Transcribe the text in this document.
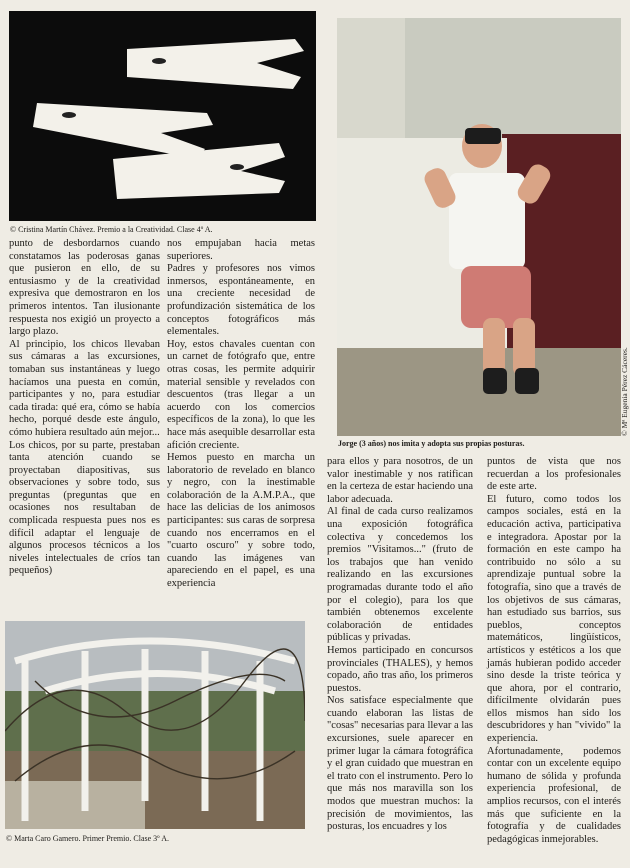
© Cristina Martín Chávez. Premio a la Creatividad. Clase 4º A.
© Mª Eugenia Pérez Cáceres.
Jorge (3 años) nos imita y adopta sus propias posturas.
© Marta Caro Gamero. Primer Premio. Clase 3º A.

punto de desbordarnos cuando constatamos las poderosas ganas que pusieron en ello, de su entusiasmo y de la creatividad expresiva que demostraron en los primeros intentos. Tan ilusionante respuesta nos exigió un proyecto a largo plazo.

Al principio, los chicos llevaban sus cámaras a las excursiones, tomaban sus instantáneas y luego hacíamos una puesta en común, participantes y no, para estudiar cada tirada: qué era, cómo se había hecho, porqué desde este ángulo, cómo hubiera resultado aún mejor...

Los chicos, por su parte, prestaban tanta atención cuando se proyectaban diapositivas, sus observaciones y sobre todo, sus preguntas (preguntas que en ocasiones nos resultaban de complicada respuesta pues nos es difícil adaptar el lenguaje de algunos procesos técnicos a los niveles intelectuales de críos tan pequeños)

nos empujaban hacia metas superiores.

Padres y profesores nos vimos inmersos, espontáneamente, en una creciente necesidad de profundización sistemática de los conceptos fotográficos más elementales.

Hoy, estos chavales cuentan con un carnet de fotógrafo que, entre otras cosas, les permite adquirir material sensible y revelados con descuentos (tras llegar a un acuerdo con los comercios específicos de la zona), lo que les hace más asequible desarrollar esta afición creciente.

Hemos puesto en marcha un laboratorio de revelado en blanco y negro, con la inestimable colaboración de la A.M.P.A., que hace las delicias de los animosos participantes: sus caras de sorpresa cuando nos encerramos en el "cuarto oscuro" y sobre todo, cuando las imágenes van apareciendo en el papel, es una experiencia

para ellos y para nosotros, de un valor inestimable y nos ratifican en la certeza de estar haciendo una labor adecuada.

Al final de cada curso realizamos una exposición fotográfica colectiva y concedemos los premios "Visitamos..." (fruto de los trabajos que han venido realizando en las excursiones programadas durante todo el año por el colegio), para los que también obtenemos excelente colaboración de entidades públicas y privadas.

Hemos participado en concursos provinciales (THALES), y hemos copado, año tras año, los primeros puestos.

Nos satisface especialmente que cuando elaboran las listas de "cosas" necesarias para llevar a las excursiones, suele aparecer en primer lugar la cámara fotográfica y el gran cuidado que muestran en el trato con el instrumento. Pero lo que más nos maravilla son los modos que muestran muchos: la precisión de movimientos, las posturas, los encuadres y los

puntos de vista que nos recuerdan a los profesionales de este arte.

El futuro, como todos los campos sociales, está en la educación activa, participativa e integradora. Apostar por la formación en este campo ha contribuido no sólo a su aprendizaje puntual sobre la fotografía, sino que a través de los objetivos de sus cámaras, han estudiado sus barrios, sus pueblos, conceptos matemáticos, lingüísticos, artísticos y estéticos a los que jamás hubieran podido acceder sino desde la triste teórica y que ahora, por el contrario, difícilmente olvidarán pues ellos mismos han sido los descubridores y han "vivido" la experiencia.

Afortunadamente, podemos contar con un excelente equipo humano de sólida y profunda experiencia profesional, de amplios recursos, con el interés más que suficiente en la fotografía y de cualidades pedagógicas inmejorables.
